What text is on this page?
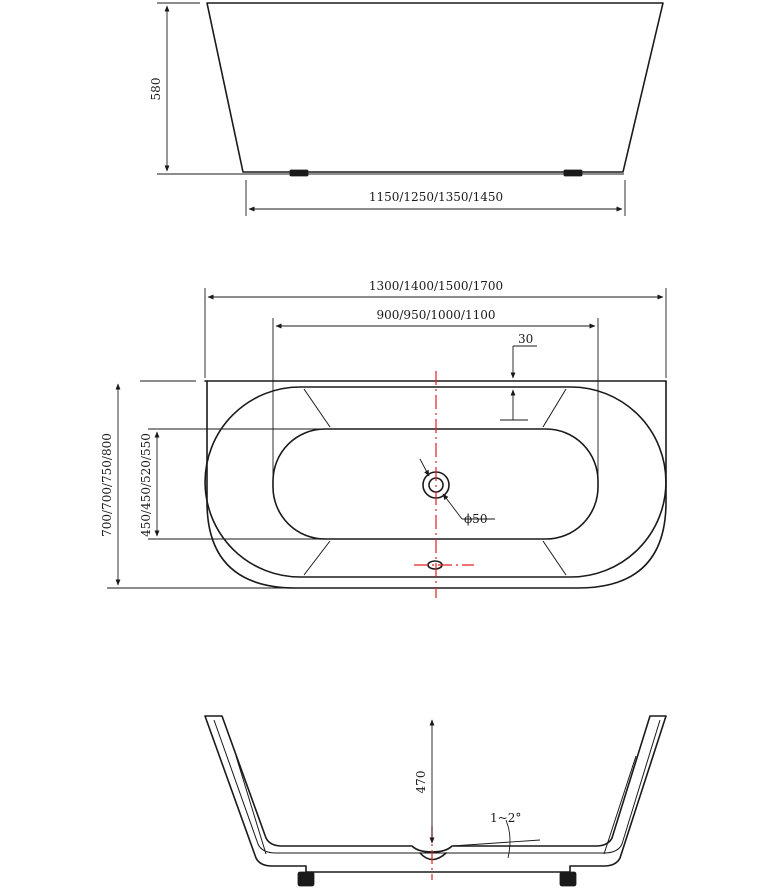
580
1150/1250/1350/1450
1300/1400/1500/1700
900/950/1000/1100
30
700/700/750/800 450/450/520/550	ϕ50
470
1~2°
